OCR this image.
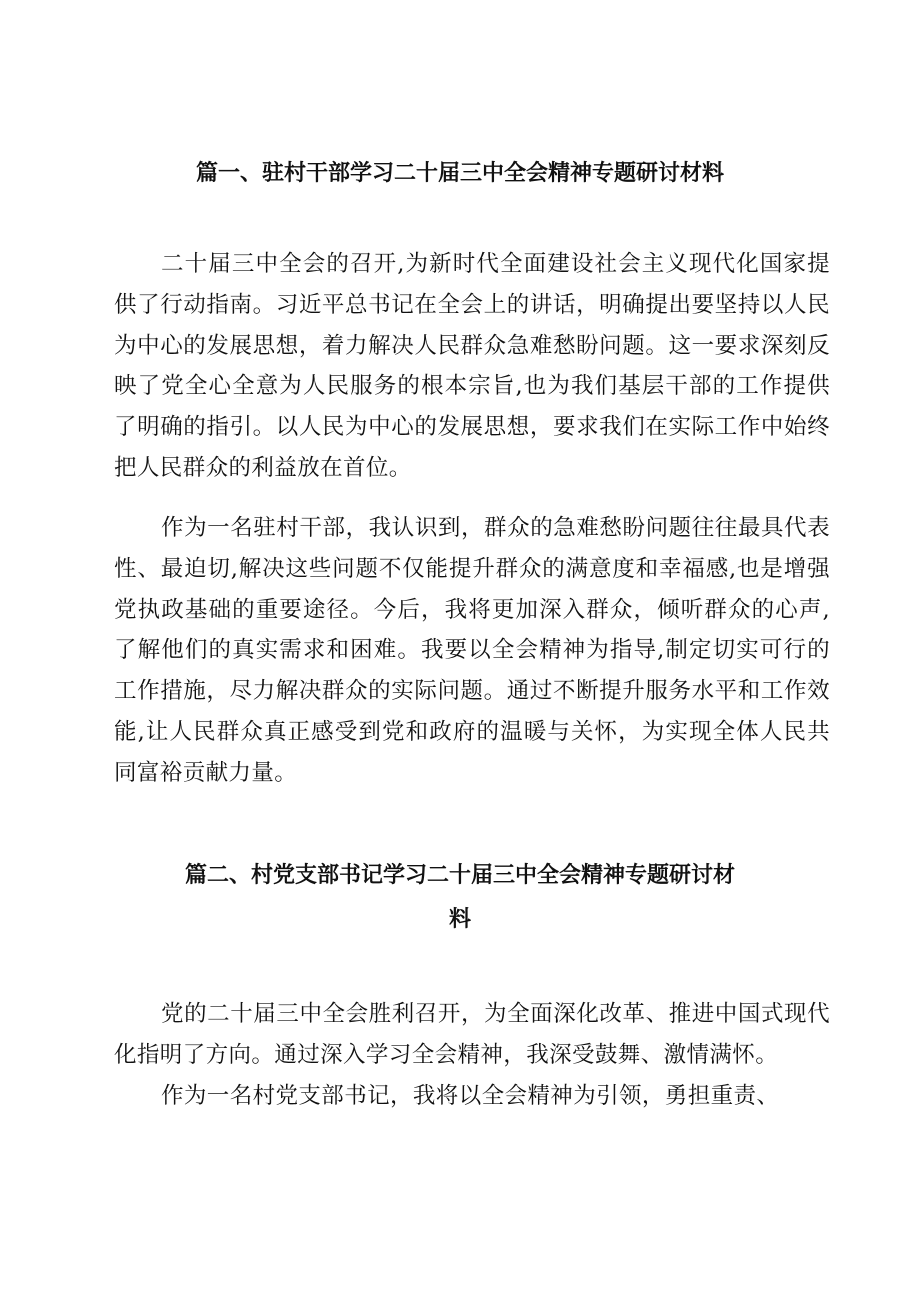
篇一、驻村干部学习二十届三中全会精神专题研讨材料

二十届三中全会的召开,为新时代全面建设社会主义现代化国家提供了行动指南。习近平总书记在全会上的讲话，明确提出要坚持以人民为中心的发展思想，着力解决人民群众急难愁盼问题。这一要求深刻反映了党全心全意为人民服务的根本宗旨,也为我们基层干部的工作提供了明确的指引。以人民为中心的发展思想，要求我们在实际工作中始终把人民群众的利益放在首位。

作为一名驻村干部，我认识到，群众的急难愁盼问题往往最具代表性、最迫切,解决这些问题不仅能提升群众的满意度和幸福感,也是增强党执政基础的重要途径。今后，我将更加深入群众，倾听群众的心声,了解他们的真实需求和困难。我要以全会精神为指导,制定切实可行的工作措施，尽力解决群众的实际问题。通过不断提升服务水平和工作效能,让人民群众真正感受到党和政府的温暖与关怀，为实现全体人民共同富裕贡献力量。

篇二、村党支部书记学习二十届三中全会精神专题研讨材
料

党的二十届三中全会胜利召开，为全面深化改革、推进中国式现代化指明了方向。通过深入学习全会精神，我深受鼓舞、激情满怀。

作为一名村党支部书记，我将以全会精神为引领，勇担重责、
